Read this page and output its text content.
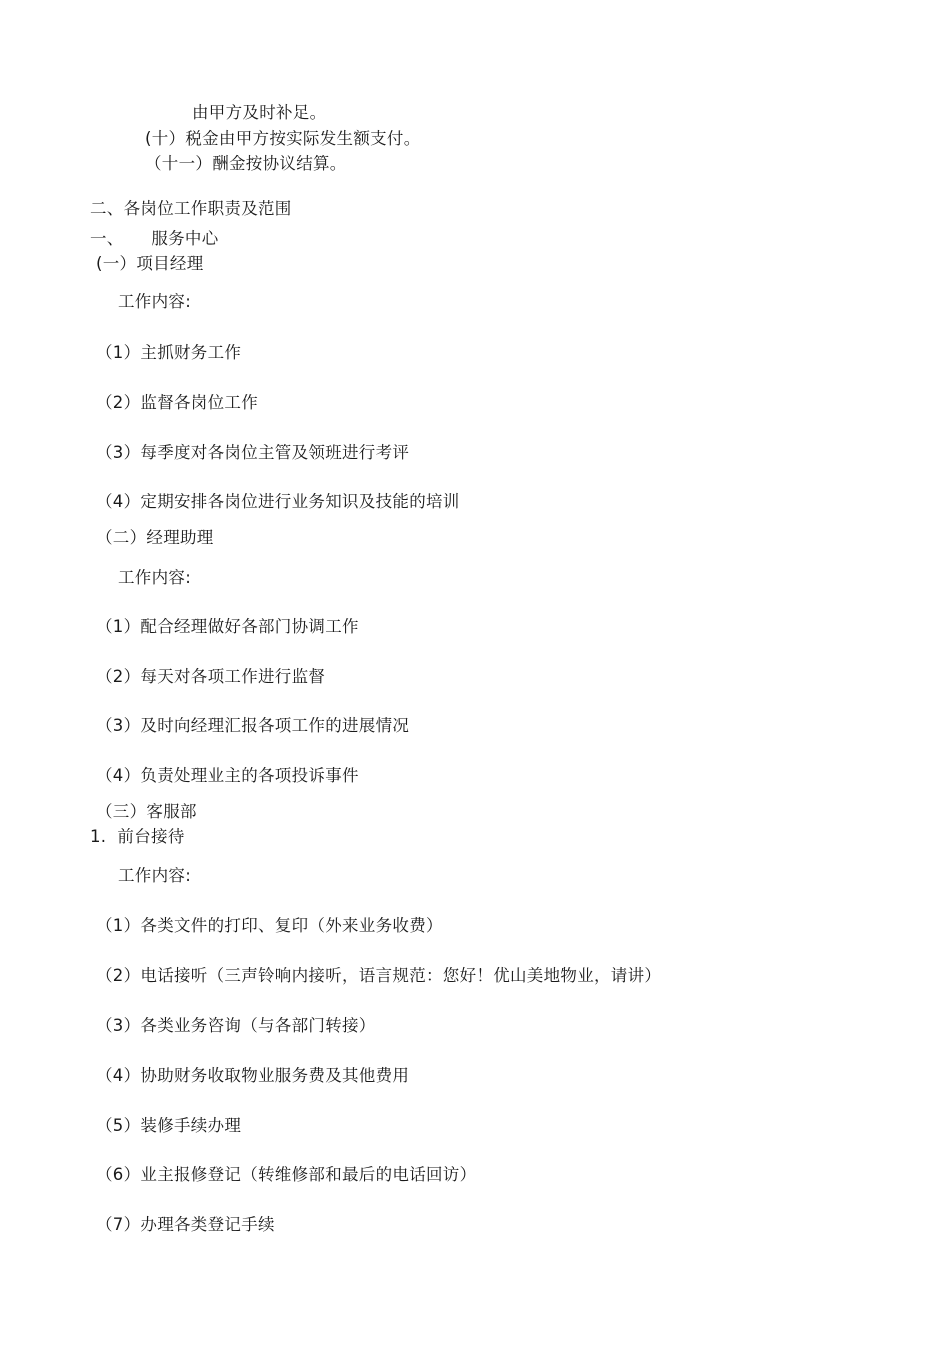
由甲方及时补足。
(十）税金由甲方按实际发生额支付。
（十一）酬金按协议结算。
二、各岗位工作职责及范围
一、     服务中心
(一）项目经理
工作内容:
（1）主抓财务工作
（2）监督各岗位工作
（3）每季度对各岗位主管及领班进行考评
（4）定期安排各岗位进行业务知识及技能的培训
（二）经理助理
工作内容:
（1）配合经理做好各部门协调工作
（2）每天对各项工作进行监督
（3）及时向经理汇报各项工作的进展情况
（4）负责处理业主的各项投诉事件
（三）客服部
1.  前台接待
工作内容:
（1）各类文件的打印、复印（外来业务收费）
（2）电话接听（三声铃响内接听，语言规范：您好！优山美地物业，请讲）
（3）各类业务咨询（与各部门转接）
（4）协助财务收取物业服务费及其他费用
（5）装修手续办理
（6）业主报修登记（转维修部和最后的电话回访）
（7）办理各类登记手续
